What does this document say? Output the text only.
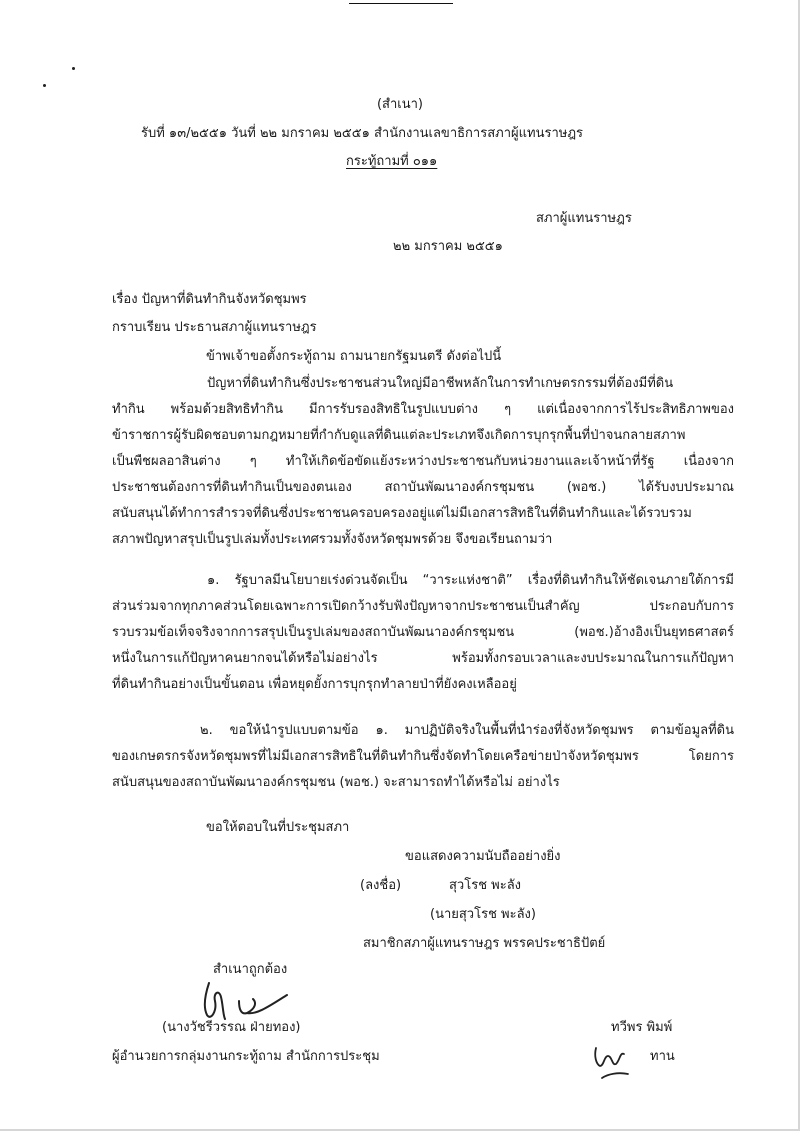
(สำเนา)
รับที่ ๑๓/๒๕๕๑ วันที่ ๒๒ มกราคม ๒๕๕๑ สำนักงานเลขาธิการสภาผู้แทนราษฎร
กระทู้ถามที่ ๐๑๑
สภาผู้แทนราษฎร
๒๒ มกราคม ๒๕๕๑
เรื่อง ปัญหาที่ดินทำกินจังหวัดชุมพร
กราบเรียน ประธานสภาผู้แทนราษฎร
ข้าพเจ้าขอตั้งกระทู้ถาม ถามนายกรัฐมนตรี ดังต่อไปนี้
ปัญหาที่ดินทำกินซึ่งประชาชนส่วนใหญ่มีอาชีพหลักในการทำเกษตรกรรมที่ต้องมีที่ดิน
ทำกิน พร้อมด้วยสิทธิทำกิน มีการรับรองสิทธิในรูปแบบต่าง ๆ แต่เนื่องจากการไร้ประสิทธิภาพของ
ข้าราชการผู้รับผิดชอบตามกฎหมายที่กำกับดูแลที่ดินแต่ละประเภทจึงเกิดการบุกรุกพื้นที่ป่าจนกลายสภาพ
เป็นพืชผลอาสินต่าง ๆ ทำให้เกิดข้อขัดแย้งระหว่างประชาชนกับหน่วยงานและเจ้าหน้าที่รัฐ เนื่องจาก
ประชาชนต้องการที่ดินทำกินเป็นของตนเอง สถาบันพัฒนาองค์กรชุมชน (พอช.) ได้รับงบประมาณ
สนับสนุนได้ทำการสำรวจที่ดินซึ่งประชาชนครอบครองอยู่แต่ไม่มีเอกสารสิทธิในที่ดินทำกินและได้รวบรวม
สภาพปัญหาสรุปเป็นรูปเล่มทั้งประเทศรวมทั้งจังหวัดชุมพรด้วย จึงขอเรียนถามว่า
๑. รัฐบาลมีนโยบายเร่งด่วนจัดเป็น “วาระแห่งชาติ” เรื่องที่ดินทำกินให้ชัดเจนภายใต้การมี
ส่วนร่วมจากทุกภาคส่วนโดยเฉพาะการเปิดกว้างรับฟังปัญหาจากประชาชนเป็นสำคัญ ประกอบกับการ
รวบรวมข้อเท็จจริงจากการสรุปเป็นรูปเล่มของสถาบันพัฒนาองค์กรชุมชน (พอช.)อ้างอิงเป็นยุทธศาสตร์
หนึ่งในการแก้ปัญหาคนยากจนได้หรือไม่อย่างไร พร้อมทั้งกรอบเวลาและงบประมาณในการแก้ปัญหา
ที่ดินทำกินอย่างเป็นขั้นตอน เพื่อหยุดยั้งการบุกรุกทำลายป่าที่ยังคงเหลืออยู่
๒. ขอให้นำรูปแบบตามข้อ ๑. มาปฏิบัติจริงในพื้นที่นำร่องที่จังหวัดชุมพร ตามข้อมูลที่ดิน
ของเกษตรกรจังหวัดชุมพรที่ไม่มีเอกสารสิทธิในที่ดินทำกินซึ่งจัดทำโดยเครือข่ายป่าจังหวัดชุมพร โดยการ
สนับสนุนของสถาบันพัฒนาองค์กรชุมชน (พอช.) จะสามารถทำได้หรือไม่ อย่างไร
ขอให้ตอบในที่ประชุมสภา
ขอแสดงความนับถืออย่างยิ่ง
(ลงชื่อ)	สุวโรช พะลัง
(นายสุวโรช พะลัง)
สมาชิกสภาผู้แทนราษฎร พรรคประชาธิปัตย์
สำเนาถูกต้อง
(นางวัชรีวรรณ ฝ่ายทอง)
ผู้อำนวยการกลุ่มงานกระทู้ถาม สำนักการประชุม
ทวีพร พิมพ์
ทาน
